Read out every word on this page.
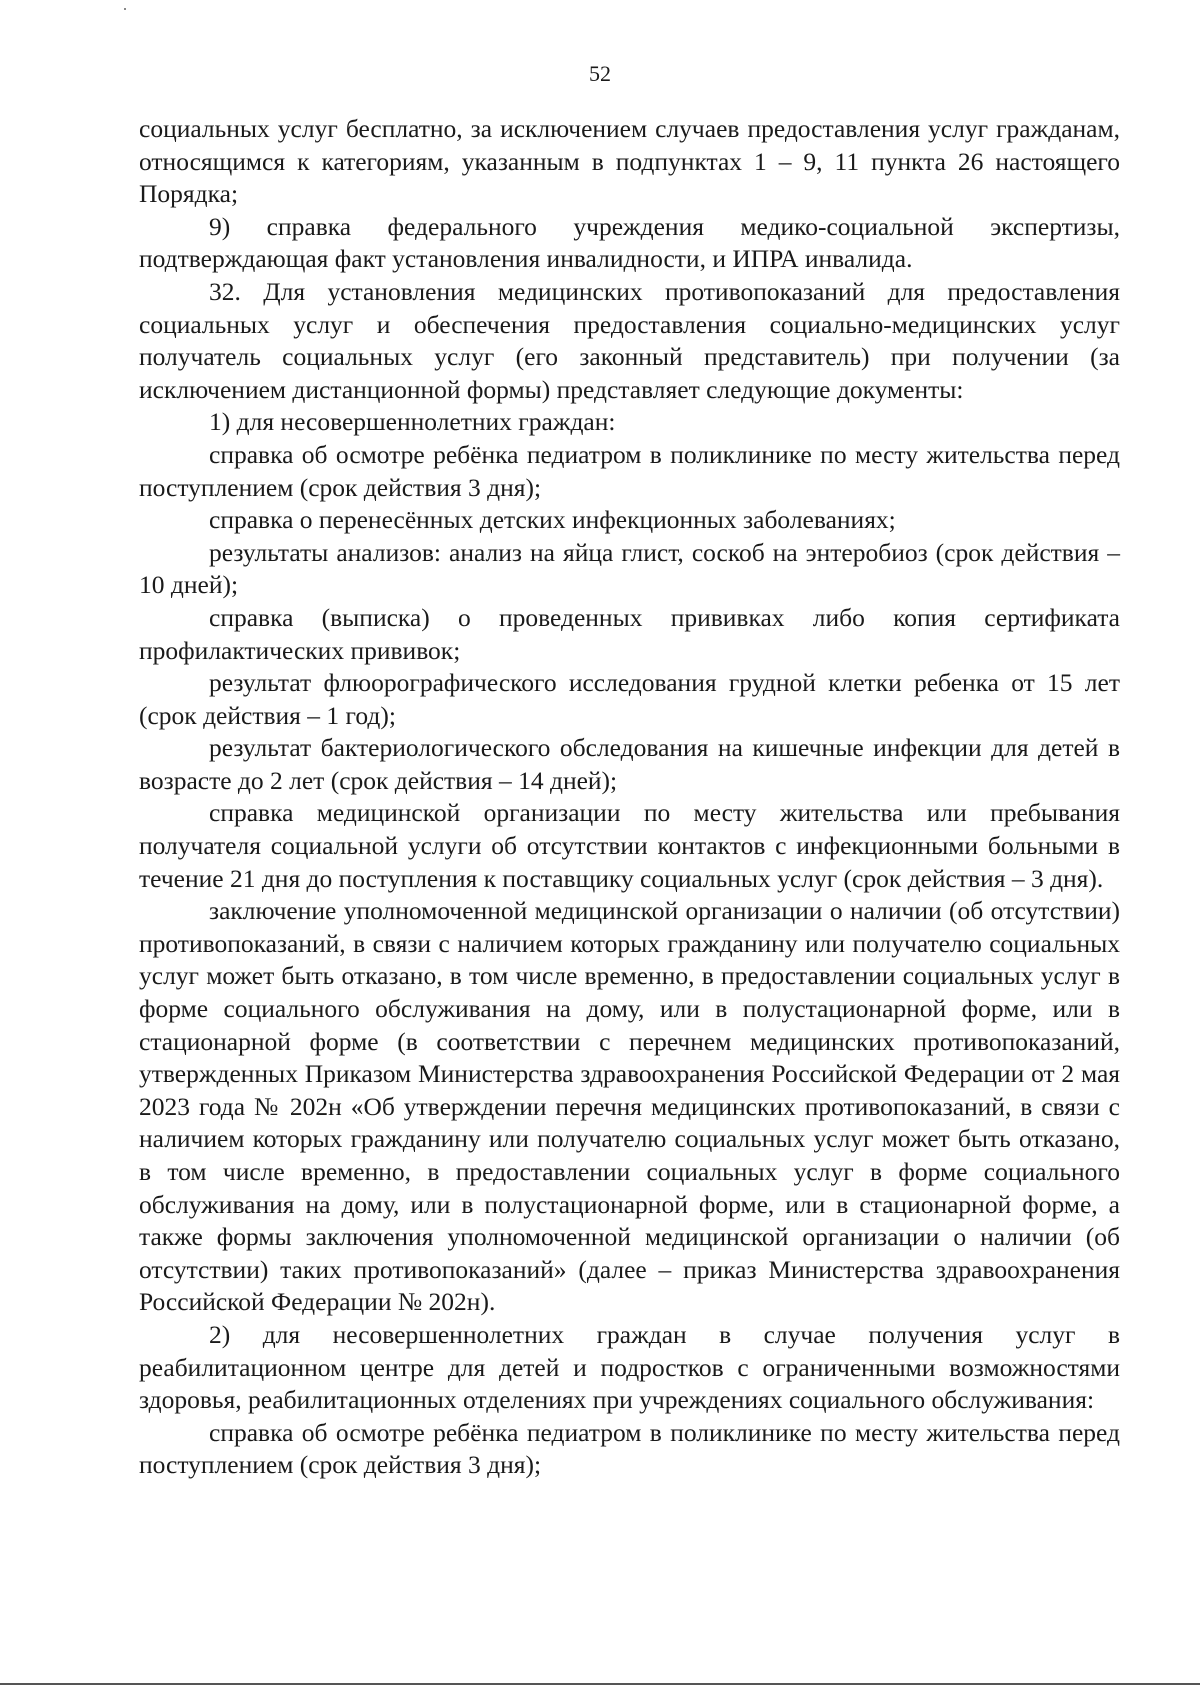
52

социальных услуг бесплатно, за исключением случаев предоставления услуг гражданам, относящимся к категориям, указанным в подпунктах 1 – 9, 11 пункта 26 настоящего Порядка;

9) справка федерального учреждения медико-социальной экспертизы, подтверждающая факт установления инвалидности, и ИПРА инвалида.

32. Для установления медицинских противопоказаний для предоставления социальных услуг и обеспечения предоставления социально-медицинских услуг получатель социальных услуг (его законный представитель) при получении (за исключением дистанционной формы) представляет следующие документы:

1) для несовершеннолетних граждан:

справка об осмотре ребёнка педиатром в поликлинике по месту жительства перед поступлением (срок действия 3 дня);

справка о перенесённых детских инфекционных заболеваниях;

результаты анализов: анализ на яйца глист, соскоб на энтеробиоз (срок действия – 10 дней);

справка (выписка) о проведенных прививках либо копия сертификата профилактических прививок;

результат флюорографического исследования грудной клетки ребенка от 15 лет (срок действия – 1 год);

результат бактериологического обследования на кишечные инфекции для детей в возрасте до 2 лет (срок действия – 14 дней);

справка медицинской организации по месту жительства или пребывания получателя социальной услуги об отсутствии контактов с инфекционными больными в течение 21 дня до поступления к поставщику социальных услуг (срок действия – 3 дня).

заключение уполномоченной медицинской организации о наличии (об отсутствии) противопоказаний, в связи с наличием которых гражданину или получателю социальных услуг может быть отказано, в том числе временно, в предоставлении социальных услуг в форме социального обслуживания на дому, или в полустационарной форме, или в стационарной форме (в соответствии с перечнем медицинских противопоказаний, утвержденных Приказом Министерства здравоохранения Российской Федерации от 2 мая 2023 года № 202н «Об утверждении перечня медицинских противопоказаний, в связи с наличием которых гражданину или получателю социальных услуг может быть отказано, в том числе временно, в предоставлении социальных услуг в форме социального обслуживания на дому, или в полустационарной форме, или в стационарной форме, а также формы заключения уполномоченной медицинской организации о наличии (об отсутствии) таких противопоказаний» (далее – приказ Министерства здравоохранения Российской Федерации № 202н).

2) для несовершеннолетних граждан в случае получения услуг в реабилитационном центре для детей и подростков с ограниченными возможностями здоровья, реабилитационных отделениях при учреждениях социального обслуживания:

справка об осмотре ребёнка педиатром в поликлинике по месту жительства перед поступлением (срок действия 3 дня);
